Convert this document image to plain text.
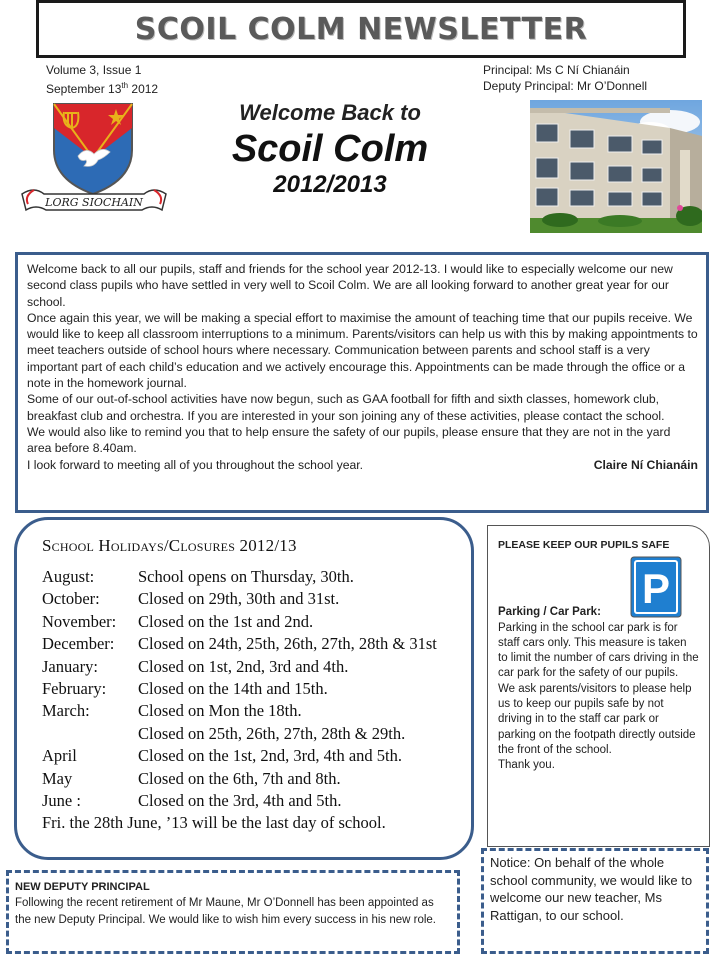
SCOIL COLM NEWSLETTER
Volume 3, Issue 1
September 13th 2012
Principal: Ms C Ní Chianáin
Deputy Principal: Mr O’Donnell
LORG SIOCHAIN
Welcome Back to
Scoil Colm
2012/2013

Welcome back to all our pupils, staff and friends for the school year 2012-13. I would like to especially welcome our new second class pupils who have settled in very well to Scoil Colm. We are all looking forward to another great year for our school.

Once again this year, we will be making a special effort to maximise the amount of teaching time that our pupils receive. We would like to keep all classroom interruptions to a minimum. Parents/visitors can help us with this by making appointments to meet teachers outside of school hours where necessary. Communication between parents and school staff is a very important part of each child’s education and we actively encourage this. Appointments can be made through the office or a note in the homework journal.

Some of our out-of-school activities have now begun, such as GAA football for fifth and sixth classes, homework club, breakfast club and orchestra. If you are interested in your son joining any of these activities, please contact the school.

We would also like to remind you that to help ensure the safety of our pupils, please ensure that they are not in the yard area before 8.40am.

I look forward to meeting all of you throughout the school year.	Claire Ní Chianáin

School Holidays/Closures 2012/13
August:	School opens on Thursday, 30th.
October:	Closed on 29th, 30th and 31st.
November:	Closed on the 1st and 2nd.
December:	Closed on 24th, 25th, 26th, 27th, 28th & 31st
January:	Closed on 1st, 2nd, 3rd and 4th.
February:	Closed on the 14th and 15th.
March:	Closed on Mon the 18th.
Closed on 25th, 26th, 27th, 28th & 29th.
April	Closed on the 1st, 2nd, 3rd, 4th and 5th.
May	Closed on the 6th, 7th and 8th.
June :	Closed on the 3rd, 4th and 5th.
Fri. the 28th June, ’13 will be the last day of school.
PLEASE KEEP OUR PUPILS SAFE
Parking / Car Park:
Parking in the school car park is for staff cars only. This measure is taken to limit the number of cars driving in the car park for the safety of our pupils.
We ask parents/visitors to please help us to keep our pupils safe by not driving in to the staff car park or parking on the footpath directly outside the front of the school.
Thank you.
P
Notice: On behalf of the whole school community, we would like to welcome our new teacher, Ms Rattigan, to our school.
NEW DEPUTY PRINCIPAL
Following the recent retirement of Mr Maune, Mr O’Donnell has been appointed as the new Deputy Principal. We would like to wish him every success in his new role.
